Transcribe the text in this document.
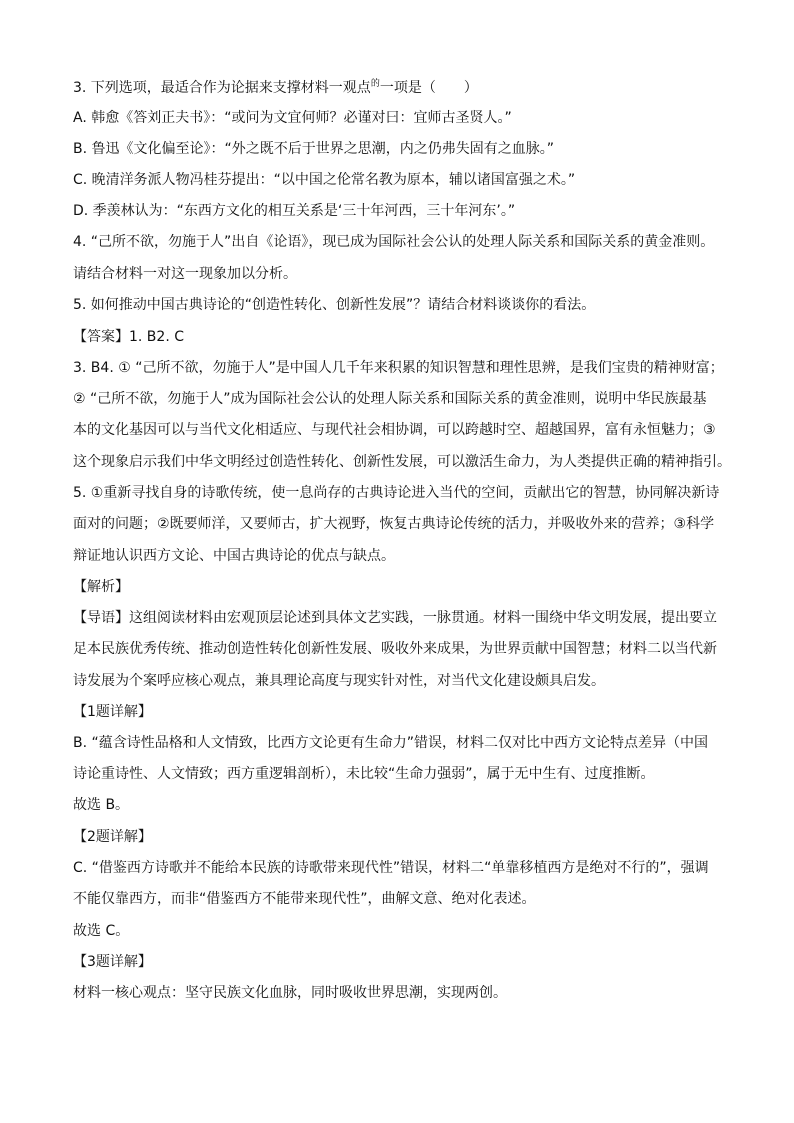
3. 下列选项，最适合作为论据来支撑材料一观点$^的$一项是（　　）
A. 韩愈《答刘正夫书》：“或问为文宜何师？必谨对曰：宜师古圣贤人。”
B. 鲁迅《文化偏至论》：“外之既不后于世界之思潮，内之仍弗失固有之血脉。”
C. 晚清洋务派人物冯桂芬提出：“以中国之伦常名教为原本，辅以诸国富强之术。”
D. 季羡林认为：“东西方文化的相互关系是‘三十年河西，三十年河东’。”
4. “己所不欲，勿施于人”出自《论语》，现已成为国际社会公认的处理人际关系和国际关系的黄金准则。
请结合材料一对这一现象加以分析。
5. 如何推动中国古典诗论的“创造性转化、创新性发展”？请结合材料谈谈你的看法。
【答案】1. B2. C
3. B4. ① “己所不欲，勿施于人”是中国人几千年来积累的知识智慧和理性思辨，是我们宝贵的精神财富；
② “己所不欲，勿施于人”成为国际社会公认的处理人际关系和国际关系的黄金准则，说明中华民族最基
本的文化基因可以与当代文化相适应、与现代社会相协调，可以跨越时空、超越国界，富有永恒魅力；③
这个现象启示我们中华文明经过创造性转化、创新性发展，可以激活生命力，为人类提供正确的精神指引。
5. ①重新寻找自身的诗歌传统，使一息尚存的古典诗论进入当代的空间，贡献出它的智慧，协同解决新诗
面对的问题；②既要师洋，又要师古，扩大视野，恢复古典诗论传统的活力，并吸收外来的营养；③科学
辩证地认识西方文论、中国古典诗论的优点与缺点。
【解析】
【导语】这组阅读材料由宏观顶层论述到具体文艺实践，一脉贯通。材料一围绕中华文明发展，提出要立
足本民族优秀传统、推动创造性转化创新性发展、吸收外来成果，为世界贡献中国智慧；材料二以当代新
诗发展为个案呼应核心观点，兼具理论高度与现实针对性，对当代文化建设颇具启发。
【1题详解】
B. “蕴含诗性品格和人文情致，比西方文论更有生命力”错误，材料二仅对比中西方文论特点差异（中国
诗论重诗性、人文情致；西方重逻辑剖析），未比较“生命力强弱”，属于无中生有、过度推断。
故选 B。
【2题详解】
C. “借鉴西方诗歌并不能给本民族的诗歌带来现代性”错误，材料二“单靠移植西方是绝对不行的”，强调
不能仅靠西方，而非“借鉴西方不能带来现代性”，曲解文意、绝对化表述。
故选 C。
【3题详解】
材料一核心观点：坚守民族文化血脉，同时吸收世界思潮，实现两创。
